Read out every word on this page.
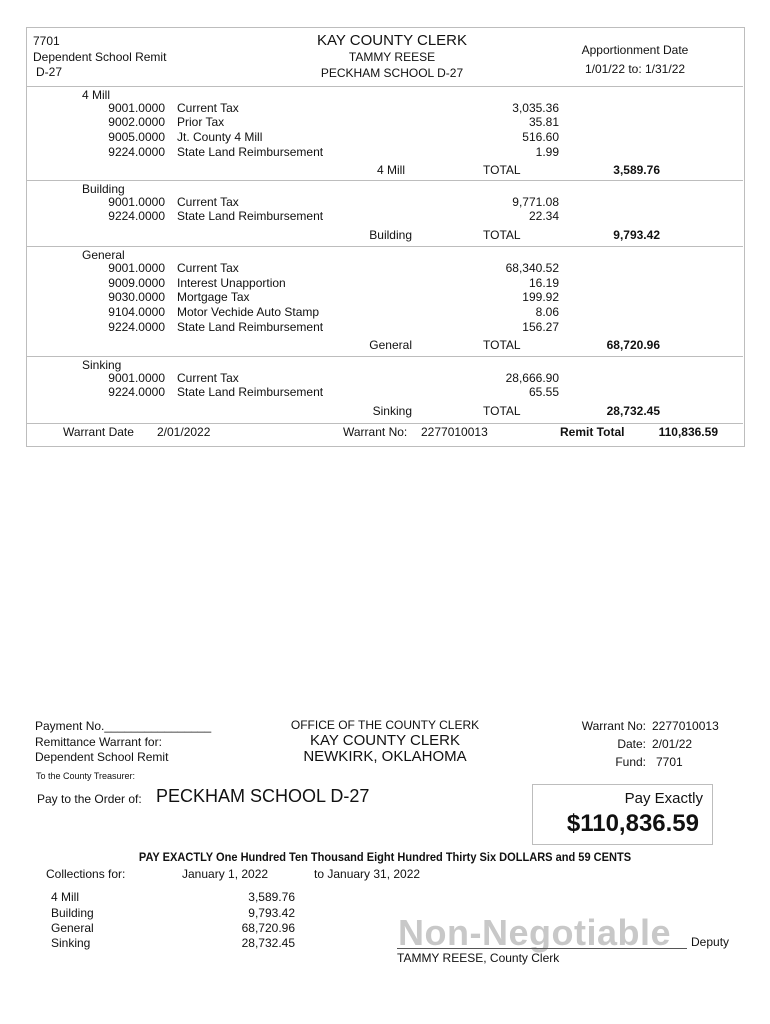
7701
Dependent School Remit
D-27
KAY COUNTY CLERK
TAMMY REESE
PECKHAM SCHOOL D-27
Apportionment Date
1/01/22 to: 1/31/22
4 Mill
9001.0000 Current Tax	3,035.36
9002.0000 Prior Tax	35.81
9005.0000 Jt. County 4 Mill	516.60
9224.0000 State Land Reimbursement	1.99
4 Mill	TOTAL	3,589.76
Building
9001.0000 Current Tax	9,771.08
9224.0000 State Land Reimbursement	22.34
Building	TOTAL	9,793.42
General
9001.0000 Current Tax	68,340.52
9009.0000 Interest Unapportion	16.19
9030.0000 Mortgage Tax	199.92
9104.0000 Motor Vechide Auto Stamp	8.06
9224.0000 State Land Reimbursement	156.27
General	TOTAL	68,720.96
Sinking
9001.0000 Current Tax	28,666.90
9224.0000 State Land Reimbursement	65.55
Sinking	TOTAL	28,732.45
Warrant Date 2/01/2022	Warrant No: 2277010013	Remit Total	110,836.59
Payment No.________________
Remittance Warrant for:
Dependent School Remit
OFFICE OF THE COUNTY CLERK
KAY COUNTY CLERK
NEWKIRK, OKLAHOMA
Warrant No: 2277010013
Date: 2/01/22
Fund: 7701
To the County Treasurer:
Pay to the Order of: PECKHAM SCHOOL D-27	Pay Exactly
$110,836.59
PAY EXACTLY One Hundred Ten Thousand Eight Hundred Thirty Six DOLLARS and 59 CENTS
Collections for:	January 1, 2022	to January 31, 2022
4 Mill	3,589.76
Building	9,793.42
General	68,720.96
Sinking	28,732.45	Non-Negotiable Deputy
TAMMY REESE, County Clerk
